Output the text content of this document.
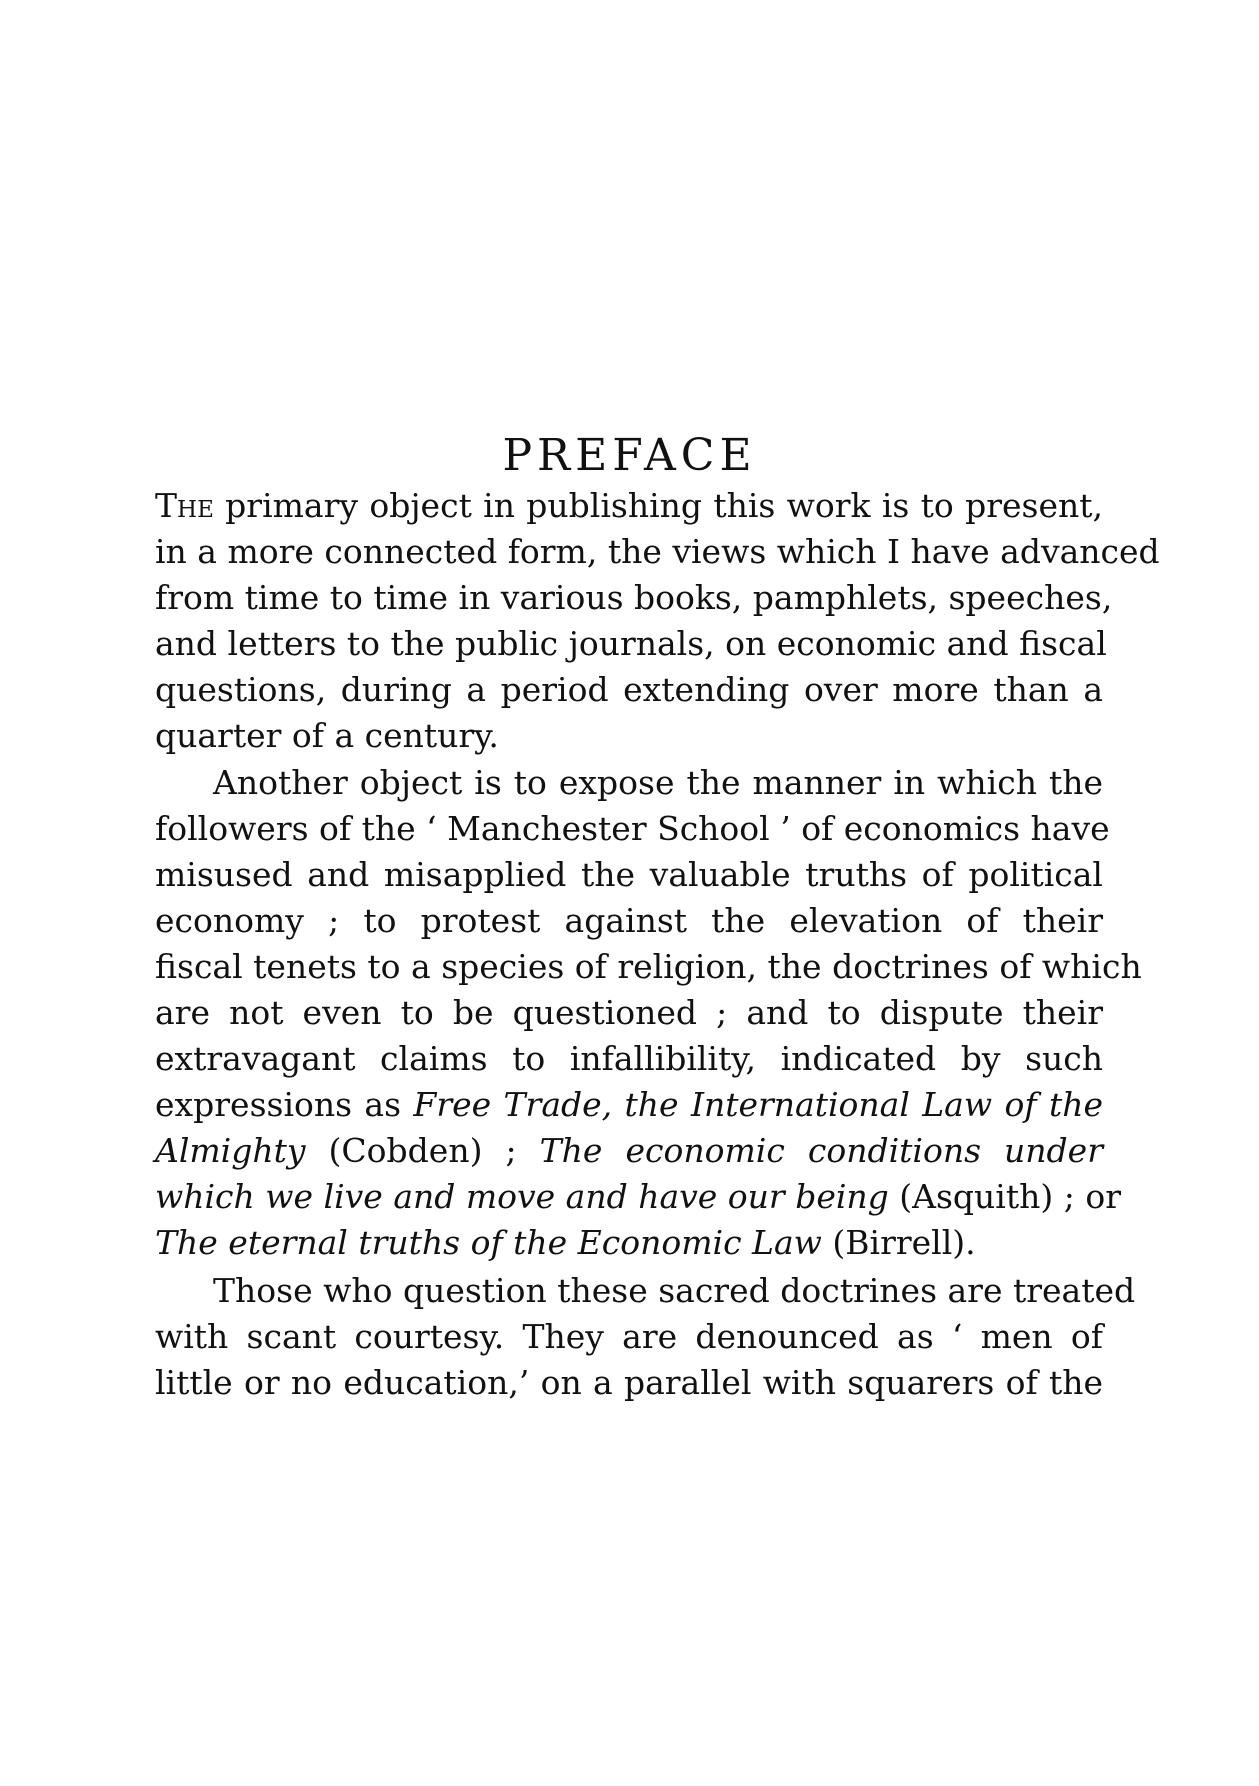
PREFACE
The primary object in publishing this work is to present,
in a more connected form, the views which I have advanced
from time to time in various books, pamphlets, speeches,
and letters to the public journals, on economic and fiscal
questions, during a period extending over more than a
quarter of a century.
Another object is to expose the manner in which the
followers of the ‘ Manchester School ’ of economics have
misused and misapplied the valuable truths of political
economy ; to protest against the elevation of their
fiscal tenets to a species of religion, the doctrines of which
are not even to be questioned ; and to dispute their
extravagant claims to infallibility, indicated by such
expressions as Free Trade, the International Law of the
Almighty (Cobden) ; The economic conditions under
which we live and move and have our being (Asquith) ; or
The eternal truths of the Economic Law (Birrell).
Those who question these sacred doctrines are treated
with scant courtesy. They are denounced as ‘ men of
little or no education,’ on a parallel with squarers of the
